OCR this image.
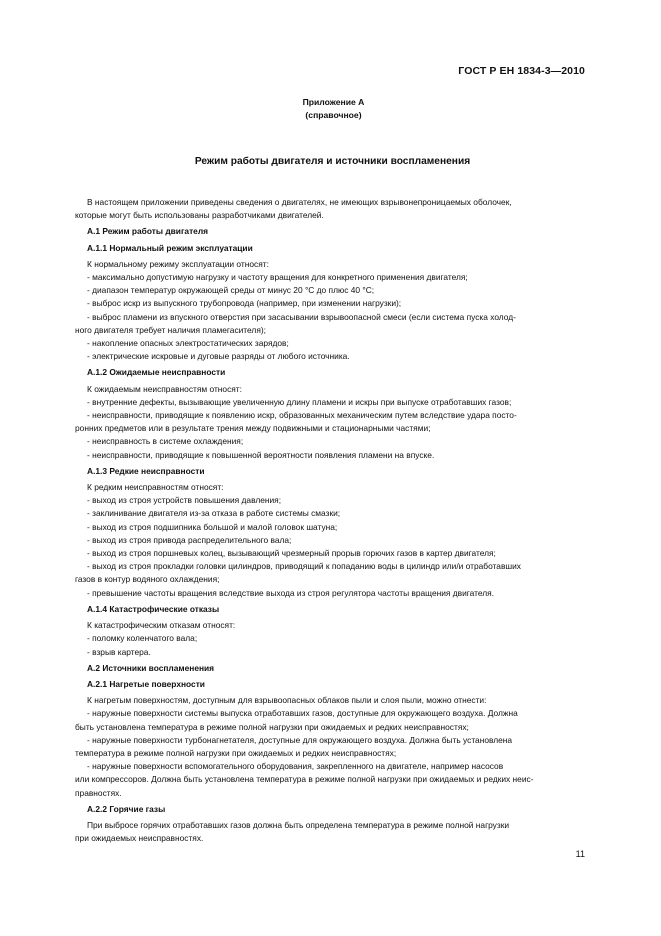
ГОСТ Р ЕН 1834-3—2010
Приложение А
(справочное)
Режим работы двигателя и источники воспламенения
В настоящем приложении приведены сведения о двигателях, не имеющих взрывонепроницаемых оболочек,
которые могут быть использованы разработчиками двигателей.
А.1 Режим работы двигателя
А.1.1 Нормальный режим эксплуатации
К нормальному режиму эксплуатации относят:
- максимально допустимую нагрузку и частоту вращения для конкретного применения двигателя;
- диапазон температур окружающей среды от минус 20 °С до плюс 40 °С;
- выброс искр из выпускного трубопровода (например, при изменении нагрузки);
- выброс пламени из впускного отверстия при засасывании взрывоопасной смеси (если система пуска холод-
ного двигателя требует наличия пламегасителя);
- накопление опасных электростатических зарядов;
- электрические искровые и дуговые разряды от любого источника.
А.1.2 Ожидаемые неисправности
К ожидаемым неисправностям относят:
- внутренние дефекты, вызывающие увеличенную длину пламени и искры при выпуске отработавших газов;
- неисправности, приводящие к появлению искр, образованных механическим путем вследствие удара посто-
ронних предметов или в результате трения между подвижными и стационарными частями;
- неисправность в системе охлаждения;
- неисправности, приводящие к повышенной вероятности появления пламени на впуске.
А.1.3 Редкие неисправности
К редким неисправностям относят:
- выход из строя устройств повышения давления;
- заклинивание двигателя из-за отказа в работе системы смазки;
- выход из строя подшипника большой и малой головок шатуна;
- выход из строя привода распределительного вала;
- выход из строя поршневых колец, вызывающий чрезмерный прорыв горючих газов в картер двигателя;
- выход из строя прокладки головки цилиндров, приводящий к попаданию воды в цилиндр или/и отработавших
газов в контур водяного охлаждения;
- превышение частоты вращения вследствие выхода из строя регулятора частоты вращения двигателя.
А.1.4 Катастрофические отказы
К катастрофическим отказам относят:
- поломку коленчатого вала;
- взрыв картера.
А.2 Источники воспламенения
А.2.1 Нагретые поверхности
К нагретым поверхностям, доступным для взрывоопасных облаков пыли и слоя пыли, можно отнести:
- наружные поверхности системы выпуска отработавших газов, доступные для окружающего воздуха. Должна
быть установлена температура в режиме полной нагрузки при ожидаемых и редких неисправностях;
- наружные поверхности турбонагнетателя, доступные для окружающего воздуха. Должна быть установлена
температура в режиме полной нагрузки при ожидаемых и редких неисправностях;
- наружные поверхности вспомогательного оборудования, закрепленного на двигателе, например насосов
или компрессоров. Должна быть установлена температура в режиме полной нагрузки при ожидаемых и редких неис-
правностях.
А.2.2 Горячие газы
При выбросе горячих отработавших газов должна быть определена температура в режиме полной нагрузки
при ожидаемых неисправностях.
11
